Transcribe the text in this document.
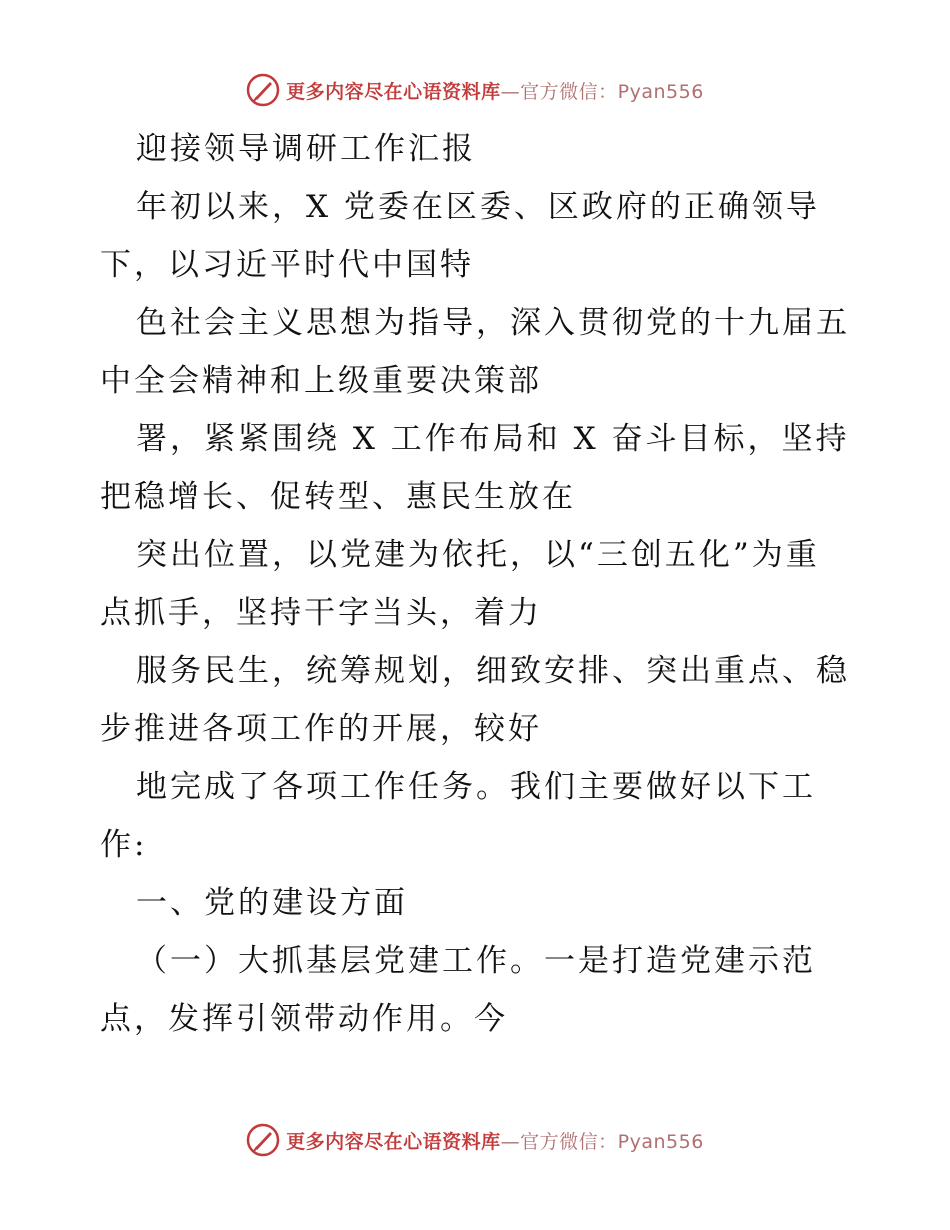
更多内容尽在心语资料库—官方微信：Pyan556
迎接领导调研工作汇报
年初以来，X 党委在区委、区政府的正确领导
下，以习近平时代中国特
色社会主义思想为指导，深入贯彻党的十九届五
中全会精神和上级重要决策部
署，紧紧围绕 X 工作布局和 X 奋斗目标，坚持
把稳增长、促转型、惠民生放在
突出位置，以党建为依托，以“三创五化”为重
点抓手，坚持干字当头，着力
服务民生，统筹规划，细致安排、突出重点、稳
步推进各项工作的开展，较好
地完成了各项工作任务。我们主要做好以下工
作:
一、党的建设方面
（一）大抓基层党建工作。一是打造党建示范
点，发挥引领带动作用。今
更多内容尽在心语资料库—官方微信：Pyan556
